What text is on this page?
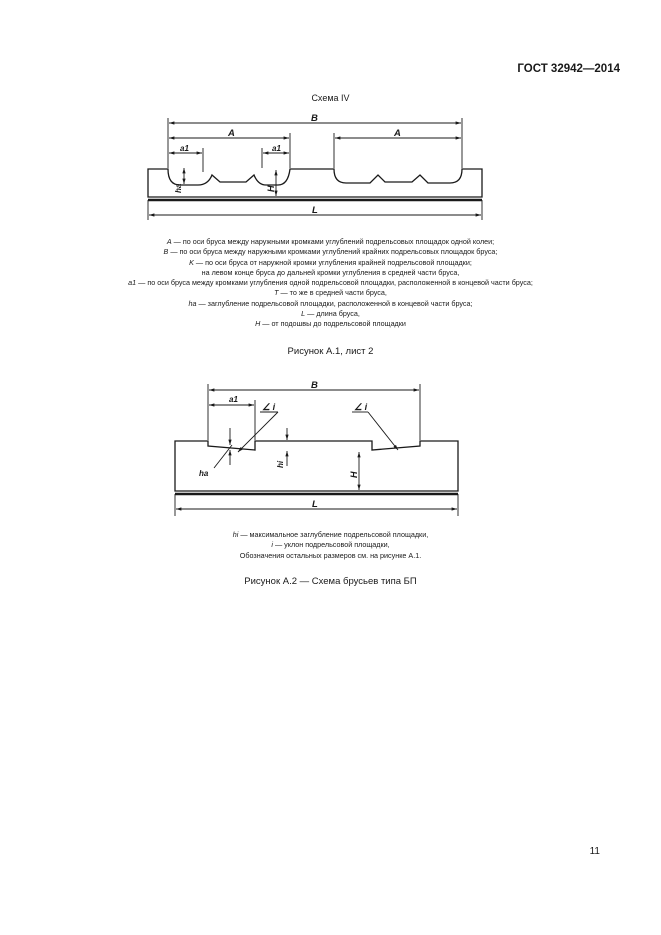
ГОСТ 32942—2014
Схема IV
B
A	A
a1	a1
ha	H
L
B
a1
∠ i	∠ i
ha
hi
H
L
A — по оси бруса между наружными кромками углублений подрельсовых площадок одной колеи;
B — по оси бруса между наружными кромками углублений крайних подрельсовых площадок бруса;
K — по оси бруса от наружной кромки углубления крайней подрельсовой площадки;
на левом конце бруса до дальней кромки углубления в средней части бруса,
a1 — по оси бруса между кромками углубления одной подрельсовой площадки, расположенной в концевой части бруса;
T — то же в средней части бруса,
ha — заглубление подрельсовой площадки, расположенной в концевой части бруса;
L — длина бруса,
H — от подошвы до подрельсовой площадки
Рисунок А.1, лист 2
hi — максимальное заглубление подрельсовой площадки,
i — уклон подрельсовой площадки,
Обозначения остальных размеров см. на рисунке А.1.
Рисунок А.2 — Схема брусьев типа БП
11
